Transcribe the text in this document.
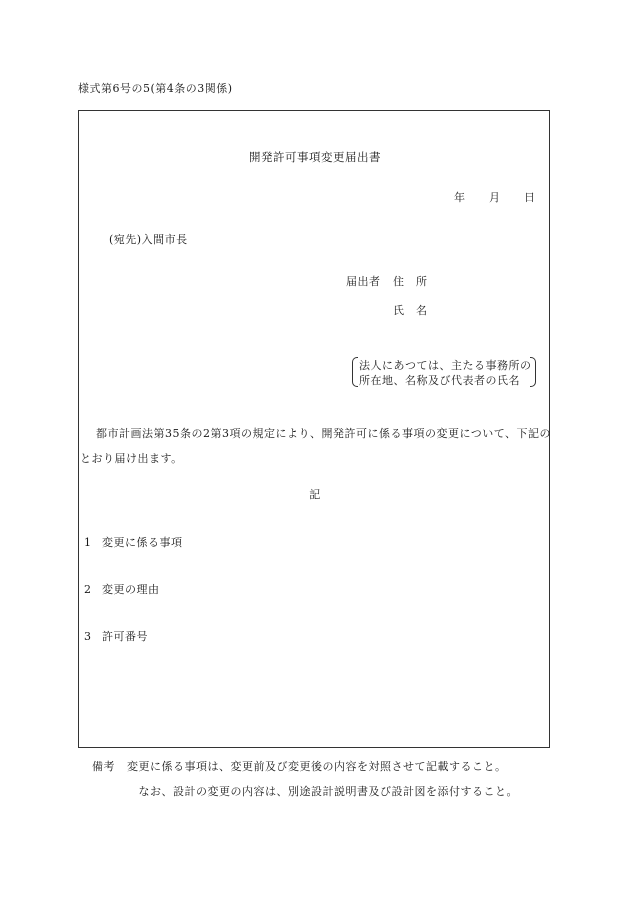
様式第6号の5(第4条の3関係)
開発許可事項変更届出書
年 月 日
(宛先)入間市長
届出者 住　所
氏　名
法人にあつては、主たる事務所の
所在地、名称及び代表者の氏名
都市計画法第35条の2第3項の規定により、開発許可に係る事項の変更について、下記の
とおり届け出ます。
記
1 変更に係る事項
2 変更の理由
3 許可番号
備考 変更に係る事項は、変更前及び変更後の内容を対照させて記載すること。
　なお、設計の変更の内容は、別途設計説明書及び設計図を添付すること。
